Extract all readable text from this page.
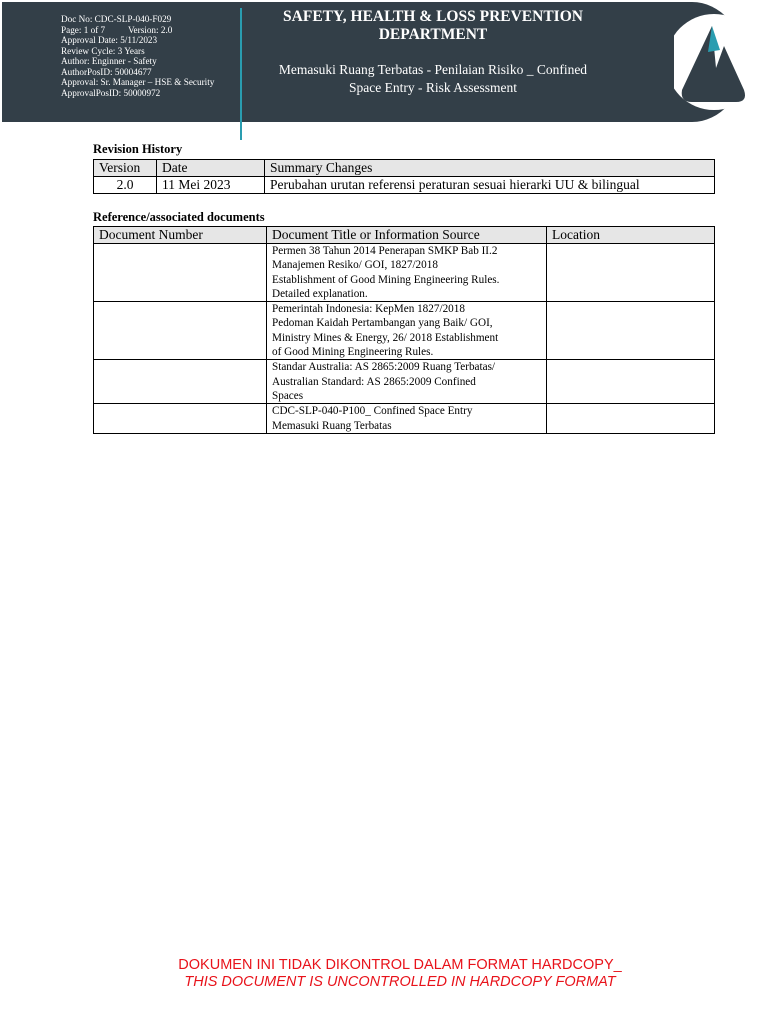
Doc No: CDC-SLP-040-F029
Page: 1 of 7          Version: 2.0
Approval Date: 5/11/2023
Review Cycle: 3 Years
Author: Enginner - Safety
AuthorPosID: 50004677
Approval: Sr. Manager – HSE & Security
ApprovalPosID: 50000972
SAFETY, HEALTH & LOSS PREVENTION
DEPARTMENT
Memasuki Ruang Terbatas - Penilaian Risiko _ Confined
Space Entry - Risk Assessment
Revision History
Version	Date	Summary Changes
2.0	11 Mei 2023	Perubahan urutan referensi peraturan sesuai hierarki UU & bilingual
Reference/associated documents
Document Number	Document Title or Information Source	Location
	Permen 38 Tahun 2014 Penerapan SMKP Bab II.2
Manajemen Resiko/ GOI, 1827/2018
Establishment of Good Mining Engineering Rules.
Detailed explanation.	
	Pemerintah Indonesia: KepMen 1827/2018
Pedoman Kaidah Pertambangan yang Baik/ GOI,
Ministry Mines & Energy, 26/ 2018 Establishment
of Good Mining Engineering Rules.	
	Standar Australia: AS 2865:2009 Ruang Terbatas/
Australian Standard: AS 2865:2009 Confined
Spaces	
	CDC-SLP-040-P100_ Confined Space Entry
Memasuki Ruang Terbatas	
DOKUMEN INI TIDAK DIKONTROL DALAM FORMAT HARDCOPY_
THIS DOCUMENT IS UNCONTROLLED IN HARDCOPY FORMAT
